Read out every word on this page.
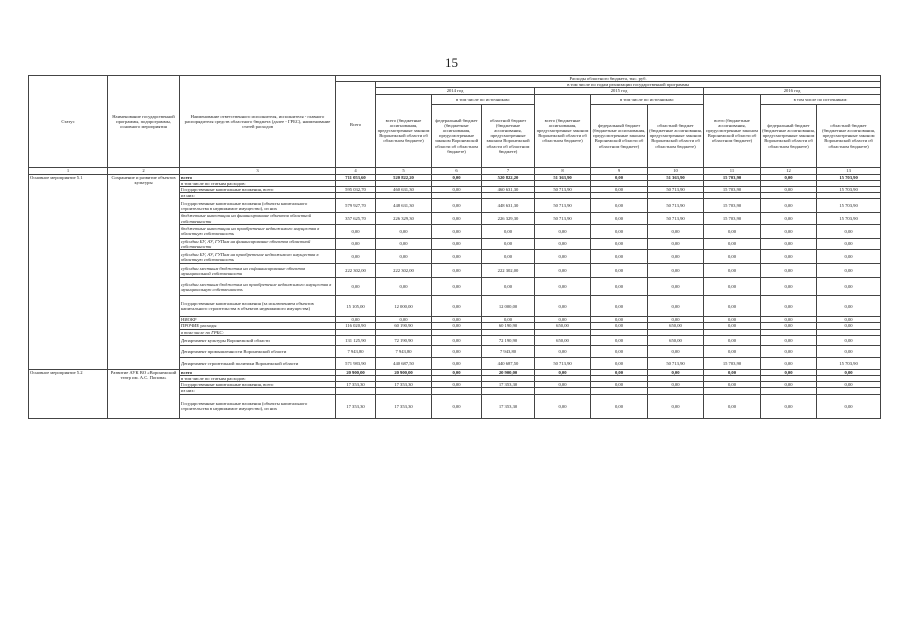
15
Статус	Наименование государственной программы, подпрограммы, основного мероприятия	Наименование ответственного исполнителя, исполнителя - главного распорядителя средств областного бюджета (далее - ГРБС), наименование статей расходов	Расходы областного бюджета, тыс. руб.									
			Всего	в том числе по годам реализации государственной программы								
				2014 год			2015 год			2016 год		
				всего (бюджетные ассигнования, предусмотренные законом Воронежской области об областном бюджете)	в том числе по источникам:		всего (бюджетные ассигнования, предусмотренные законом Воронежской области об областном бюджете)	в том числе по источникам:		всего (бюджетные ассигнования, предусмотренные законом Воронежской области об областном бюджете)	в том числе по источникам:	
					федеральный бюджет (бюджетные ассигнования, предусмотренные законом Воронежской области об областном бюджете)	областной бюджет (бюджетные ассигнования, предусмотренные законом Воронежской области об областном бюджете)		федеральный бюджет (бюджетные ассигнования, предусмотренные законом Воронежской области об областном бюджете)	областной бюджет (бюджетные ассигнования, предусмотренные законом Воронежской области об областном бюджете)		федеральный бюджет (бюджетные ассигнования, предусмотренные законом Воронежской области об областном бюджете)	областной бюджет (бюджетные ассигнования, предусмотренные законом Воронежской области об областном бюджете)
1	2	3	4	5	6	7	8	9	10	11	12	13
Основное мероприятие 5.1	Сохранение и развитие объектов культуры	всего	711 053,60	520 822,20	0,00	520 822,20	51 363,90	0,00	51 363,90	15 703,90	0,00	15 703,90
		в том числе по статьям расходов:										
		Государственные капитальные вложения, всего	595 032,70	460 631,30	0,00	460 631,30	50 713,90	0,00	50 713,90	15 703,90	0,00	15 703,90
		из них:										
		Государственные капитальные вложения (объекты капитального строительства в недвижимое имущество), из них	579 927,70	448 631,30	0,00	448 631,30	50 713,90	0,00	50 713,90	15 703,90	0,00	15 703,90
		бюджетные инвестиции на финансирование объектов областной собственности	357 625,70	226 329,30	0,00	226 329,30	50 713,90	0,00	50 713,90	15 703,90	0,00	15 703,90
		бюджетные инвестиции на приобретение недвижимого имущества в областную собственность	0,00	0,00	0,00	0,00	0,00	0,00	0,00	0,00	0,00	0,00
		субсидии БУ, АУ, ГУПам на финансирование объектов областной собственности	0,00	0,00	0,00	0,00	0,00	0,00	0,00	0,00	0,00	0,00
		субсидии БУ, АУ, ГУПам на приобретение недвижимого имущества в областную собственность	0,00	0,00	0,00	0,00	0,00	0,00	0,00	0,00	0,00	0,00
		субсидии местным бюджетам на софинансирование объектов муниципальной собственности	222 302,00	222 302,00	0,00	222 302,00	0,00	0,00	0,00	0,00	0,00	0,00
		субсидии местным бюджетам на приобретение недвижимого имущества в муниципальную собственность	0,00	0,00	0,00	0,00	0,00	0,00	0,00	0,00	0,00	0,00
		Государственные капитальные вложения (за исключением объектов капитального строительства в объектов недвижимого имущества)	15 105,00	12 000,00	0,00	12 000,00	0,00	0,00	0,00	0,00	0,00	0,00
		НИОКР	0,00	0,00	0,00	0,00	0,00	0,00	0,00	0,00	0,00	0,00
		ПРОЧИЕ расходы	116 020,90	60 190,90	0,00	60 190,90	650,00	0,00	650,00	0,00	0,00	0,00
		в том числе по ГРБС:										
		Департамент культуры Воронежской области	131 125,90	72 190,90	0,00	72 190,90	650,00	0,00	650,00	0,00	0,00	0,00
		Департамент промышленности Воронежской области	7 943,80	7 943,80	0,00	7 943,80	0,00	0,00	0,00	0,00	0,00	0,00
		Департамент строительной политики Воронежской области	571 983,90	440 687,50	0,00	440 687,50	50 713,90	0,00	50 713,90	15 703,90	0,00	15 703,90
Основное мероприятие 5.2	Развитие АУК ВО «Воронежский театр им. А.С. Попова»	всего	20 900,00	20 900,00	0,00	20 900,00	0,00	0,00	0,00	0,00	0,00	0,00
		в том числе по статьям расходов:										
		Государственные капитальные вложения, всего	17 353,30	17 353,30	0,00	17 353,30	0,00	0,00	0,00	0,00	0,00	0,00
		из них:										
		Государственные капитальные вложения (объекты капитального строительства в недвижимое имущество), из них	17 353,30	17 353,30	0,00	17 353,30	0,00	0,00	0,00	0,00	0,00	0,00
